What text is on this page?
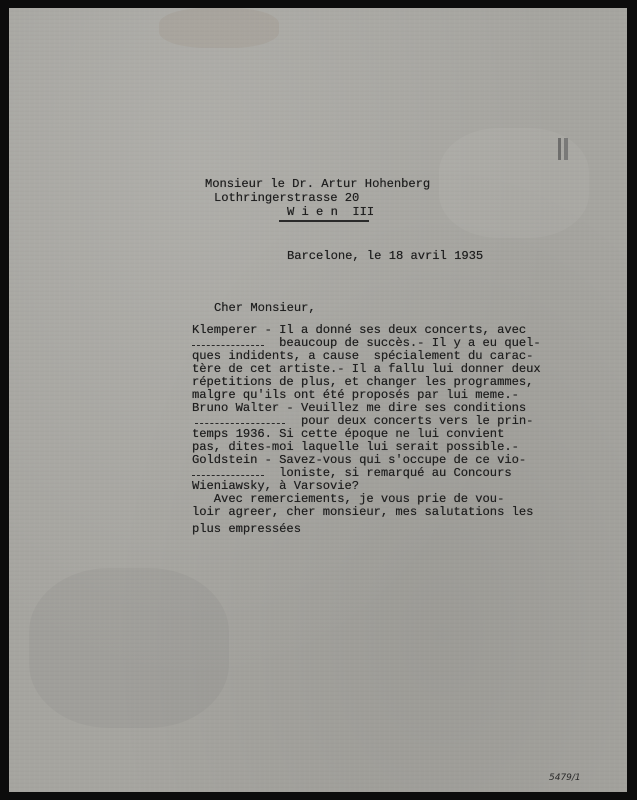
Monsieur le Dr. Artur Hohenberg
Lothringerstrasse 20
W i e n  III
Barcelone, le 18 avril 1935
Cher Monsieur,
Klemperer - Il a donné ses deux concerts, avec
beaucoup de succès.- Il y a eu quel-
ques indidents, a cause  spécialement du carac-
tère de cet artiste.- Il a fallu lui donner deux
répetitions de plus, et changer les programmes,
malgre qu'ils ont été proposés par lui meme.-
Bruno Walter - Veuillez me dire ses conditions
pour deux concerts vers le prin-
temps 1936. Si cette époque ne lui convient
pas, dites-moi laquelle lui serait possible.-
Goldstein - Savez-vous qui s'occupe de ce vio-
loniste, si remarqué au Concours
Wieniawsky, à Varsovie?
Avec remerciements, je vous prie de vou-
loir agreer, cher monsieur, mes salutations les
plus empressées
5479/1
